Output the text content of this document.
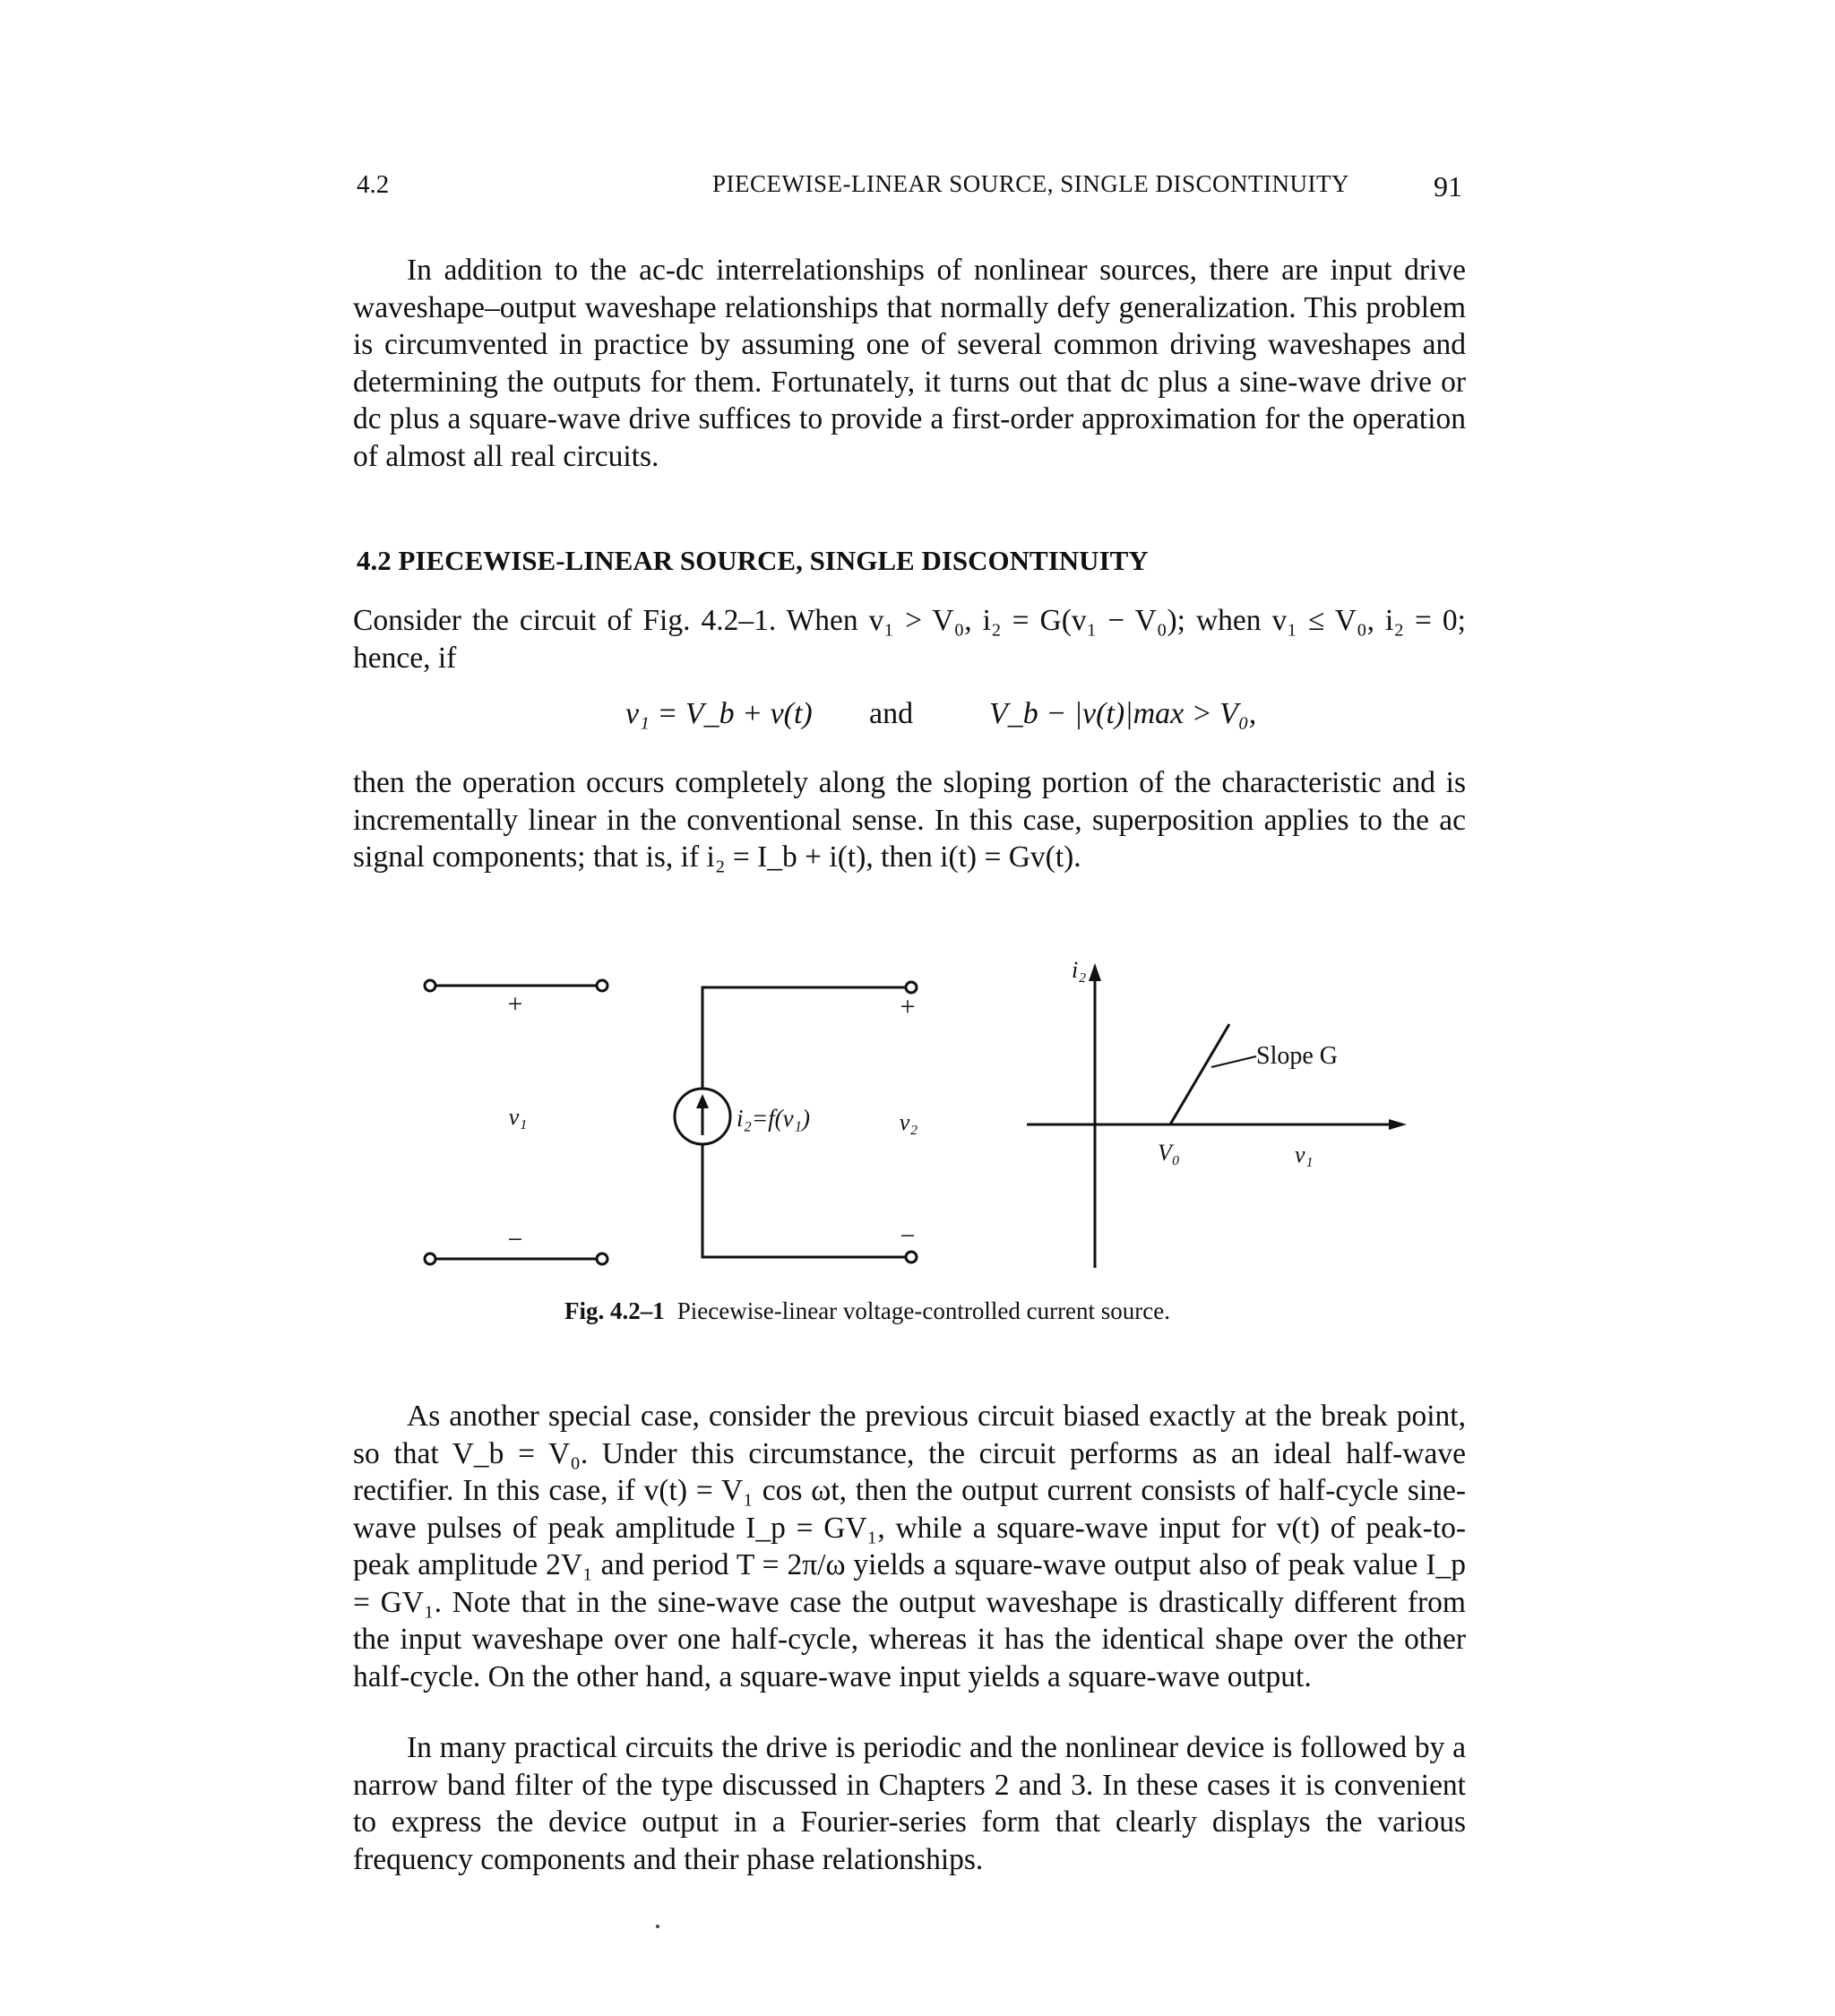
4.2	PIECEWISE-LINEAR SOURCE, SINGLE DISCONTINUITY	91

In addition to the ac-dc interrelationships of nonlinear sources, there are input drive waveshape–output waveshape relationships that normally defy generalization. This problem is circumvented in practice by assuming one of several common driving waveshapes and determining the outputs for them. Fortunately, it turns out that dc plus a sine-wave drive or dc plus a square-wave drive suffices to provide a first-order approximation for the operation of almost all real circuits.

4.2 PIECEWISE-LINEAR SOURCE, SINGLE DISCONTINUITY

Consider the circuit of Fig. 4.2–1. When v₁ > V₀, i₂ = G(v₁ − V₀); when v₁ ≤ V₀, i₂ = 0; hence, if

v₁ = V_b + v(t) and V_b − |v(t)|max > V₀,

then the operation occurs completely along the sloping portion of the characteristic and is incrementally linear in the conventional sense. In this case, superposition applies to the ac signal components; that is, if i₂ = I_b + i(t), then i(t) = Gv(t).

+
−
v₁
+
−
i₂=f(v₁)	v₂
i₂
v₁
V₀
Slope G
Fig. 4.2–1 Piecewise-linear voltage-controlled current source.

As another special case, consider the previous circuit biased exactly at the break point, so that V_b = V₀. Under this circumstance, the circuit performs as an ideal half-wave rectifier. In this case, if v(t) = V₁ cos ωt, then the output current consists of half-cycle sine-wave pulses of peak amplitude I_p = GV₁, while a square-wave input for v(t) of peak-to-peak amplitude 2V₁ and period T = 2π/ω yields a square-wave output also of peak value I_p = GV₁. Note that in the sine-wave case the output waveshape is drastically different from the input waveshape over one half-cycle, whereas it has the identical shape over the other half-cycle. On the other hand, a square-wave input yields a square-wave output.

In many practical circuits the drive is periodic and the nonlinear device is followed by a narrow band filter of the type discussed in Chapters 2 and 3. In these cases it is convenient to express the device output in a Fourier-series form that clearly displays the various frequency components and their phase relationships.
